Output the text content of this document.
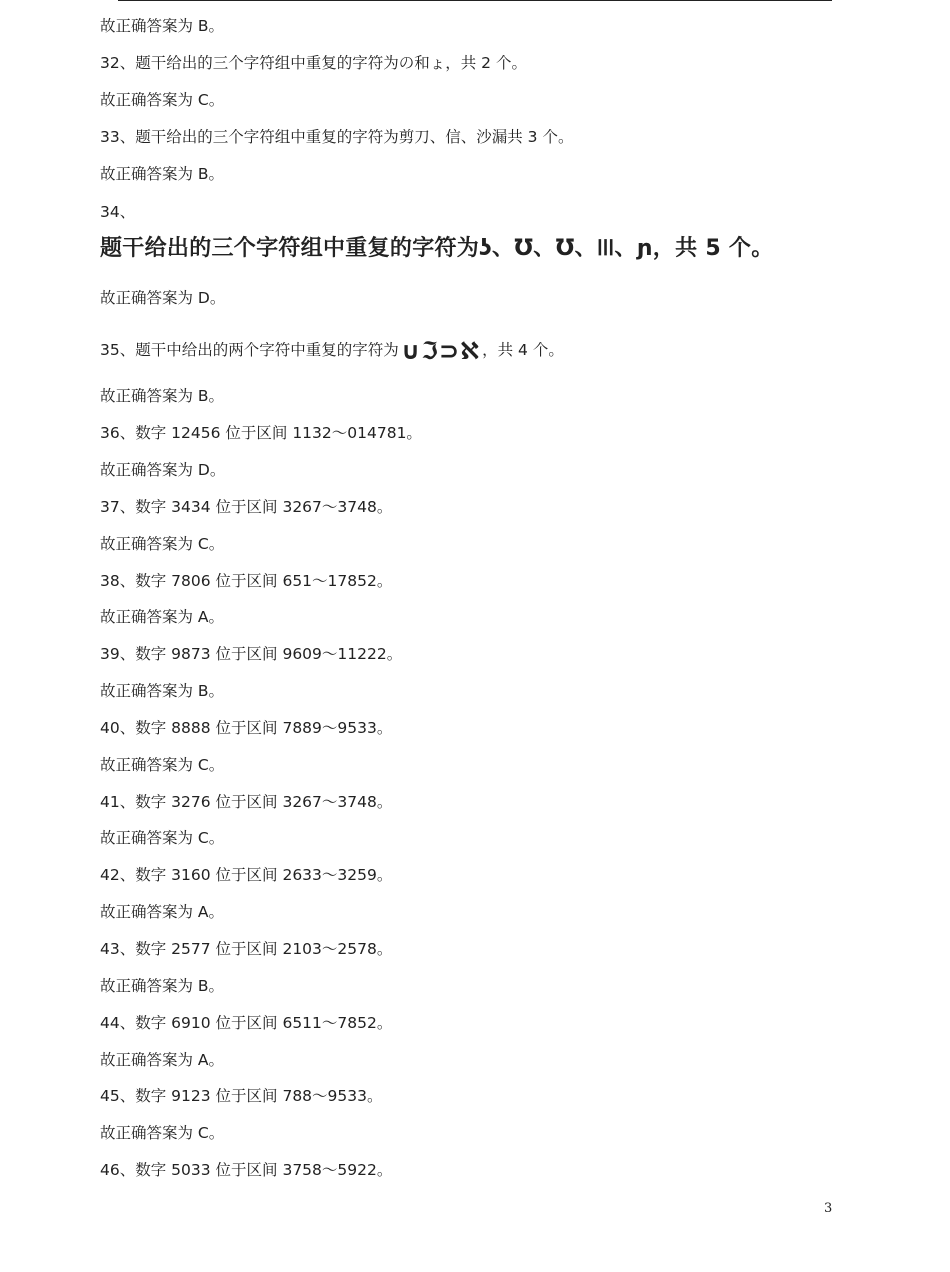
故正确答案为 B。
32、题干给出的三个字符组中重复的字符为の和ょ，共 2 个。
故正确答案为 C。
33、题干给出的三个字符组中重复的字符为剪刀、信、沙漏共 3 个。
故正确答案为 B。
34、
题干给出的三个字符组中重复的字符为ʖ、Ʊ、Ʊ、Ⲽ、ɲ，共 5 个。
故正确答案为 D。
35、题干中给出的两个字符中重复的字符为∪ℑ⊃ℵ ，共 4 个。
故正确答案为 B。
36、数字 12456 位于区间 1132～014781。
故正确答案为 D。
37、数字 3434 位于区间 3267～3748。
故正确答案为 C。
38、数字 7806 位于区间 651～17852。
故正确答案为 A。
39、数字 9873 位于区间 9609～11222。
故正确答案为 B。
40、数字 8888 位于区间 7889～9533。
故正确答案为 C。
41、数字 3276 位于区间 3267～3748。
故正确答案为 C。
42、数字 3160 位于区间 2633～3259。
故正确答案为 A。
43、数字 2577 位于区间 2103～2578。
故正确答案为 B。
44、数字 6910 位于区间 6511～7852。
故正确答案为 A。
45、数字 9123 位于区间 788～9533。
故正确答案为 C。
46、数字 5033 位于区间 3758～5922。
3
